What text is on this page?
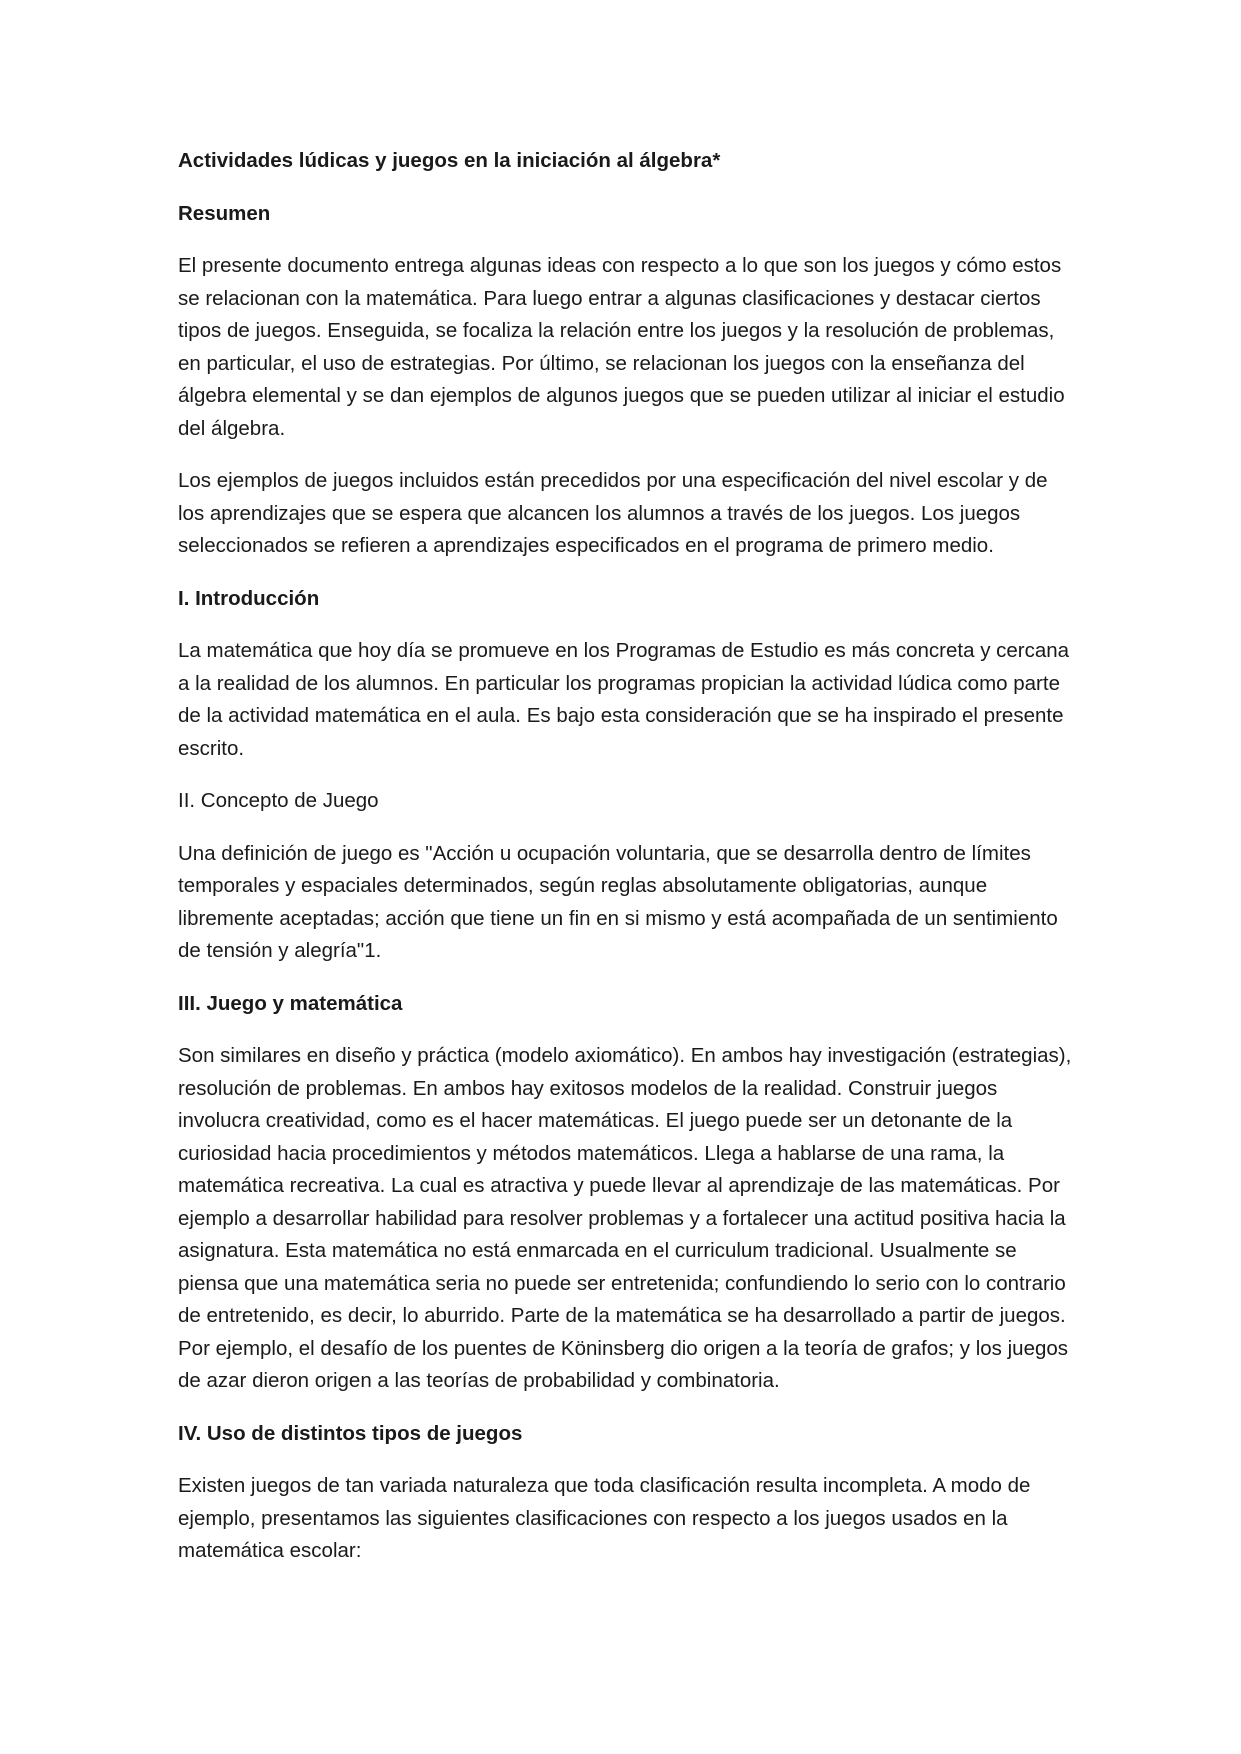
Actividades lúdicas y juegos en la iniciación al álgebra*

Resumen

El presente documento entrega algunas ideas con respecto a lo que son los juegos y cómo estos se relacionan con la matemática. Para luego entrar a algunas clasificaciones y destacar ciertos tipos de juegos. Enseguida, se focaliza la relación entre los juegos y la resolución de problemas, en particular, el uso de estrategias. Por último, se relacionan los juegos con la enseñanza del álgebra elemental y se dan ejemplos de algunos juegos que se pueden utilizar al iniciar el estudio del álgebra.

Los ejemplos de juegos incluidos están precedidos por una especificación del nivel escolar y de los aprendizajes que se espera que alcancen los alumnos a través de los juegos. Los juegos seleccionados se refieren a aprendizajes especificados en el programa de primero medio.

I. Introducción

La matemática que hoy día se promueve en los Programas de Estudio es más concreta y cercana a la realidad de los alumnos. En particular los programas propician la actividad lúdica como parte de la actividad matemática en el aula. Es bajo esta consideración que se ha inspirado el presente escrito.

II. Concepto de Juego

Una definición de juego es "Acción u ocupación voluntaria, que se desarrolla dentro de límites temporales y espaciales determinados, según reglas absolutamente obligatorias, aunque libremente aceptadas; acción que tiene un fin en si mismo y está acompañada de un sentimiento de tensión y alegría"1.

III. Juego y matemática

Son similares en diseño y práctica (modelo axiomático). En ambos hay investigación (estrategias), resolución de problemas. En ambos hay exitosos modelos de la realidad. Construir juegos involucra creatividad, como es el hacer matemáticas. El juego puede ser un detonante de la curiosidad hacia procedimientos y métodos matemáticos. Llega a hablarse de una rama, la matemática recreativa. La cual es atractiva y puede llevar al aprendizaje de las matemáticas. Por ejemplo a desarrollar habilidad para resolver problemas y a fortalecer una actitud positiva hacia la asignatura. Esta matemática no está enmarcada en el curriculum tradicional. Usualmente se piensa que una matemática seria no puede ser entretenida; confundiendo lo serio con lo contrario de entretenido, es decir, lo aburrido. Parte de la matemática se ha desarrollado a partir de juegos. Por ejemplo, el desafío de los puentes de Köninsberg dio origen a la teoría de grafos; y los juegos de azar dieron origen a las teorías de probabilidad y combinatoria.

IV. Uso de distintos tipos de juegos

Existen juegos de tan variada naturaleza que toda clasificación resulta incompleta. A modo de ejemplo, presentamos las siguientes clasificaciones con respecto a los juegos usados en la matemática escolar:
